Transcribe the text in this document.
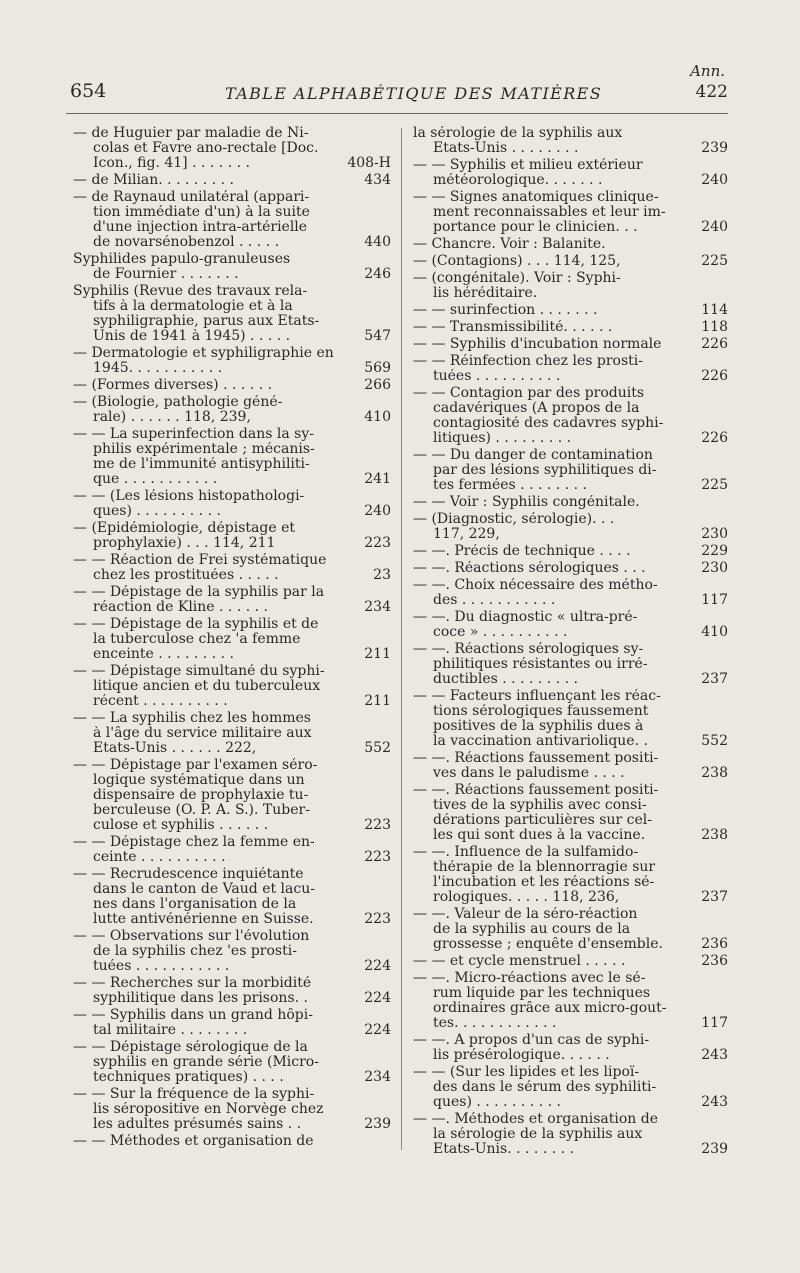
Ann.
654	TABLE ALPHABÉTIQUE DES MATIÈRES	422
— de Huguier par maladie de Ni-
colas et Favre ano-rectale [Doc.
Icon., fig. 41] . . . . . . .	408-H
— de Milian. . . . . . . . .	434
— de Raynaud unilatéral (appari-
tion immédiate d'un) à la suite
d'une injection intra-artérielle
de novarsénobenzol . . . . .	440
Syphilides papulo-granuleuses
de Fournier . . . . . . .	246
Syphilis (Revue des travaux rela-
tifs à la dermatologie et à la
syphiligraphie, parus aux États-
Unis de 1941 à 1945) . . . . .	547
— Dermatologie et syphiligraphie en
1945. . . . . . . . . . .	569
— (Formes diverses) . . . . . .	266
— (Biologie, pathologie géné-
rale) . . . . . . 118, 239,	410
— — La superinfection dans la sy-
philis expérimentale ; mécanis-
me de l'immunité antisyphiliti-
que . . . . . . . . . . .	241
— — (Les lésions histopathologi-
ques) . . . . . . . . . .	240
— (Épidémiologie, dépistage et
prophylaxie) . . . 114, 211	223
— — Réaction de Frei systématique
chez les prostituées . . . . .	23
— — Dépistage de la syphilis par la
réaction de Kline . . . . . .	234
— — Dépistage de la syphilis et de
la tuberculose chez 'a femme
enceinte . . . . . . . . .	211
— — Dépistage simultané du syphi-
litique ancien et du tuberculeux
récent . . . . . . . . . .	211
— — La syphilis chez les hommes
à l'âge du service militaire aux
États-Unis . . . . . . 222,	552
— — Dépistage par l'examen séro-
logique systématique dans un
dispensaire de prophylaxie tu-
berculeuse (O. P. A. S.). Tuber-
culose et syphilis . . . . . .	223
— — Dépistage chez la femme en-
ceinte . . . . . . . . . .	223
— — Recrudescence inquiétante
dans le canton de Vaud et lacu-
nes dans l'organisation de la
lutte antivénérienne en Suisse.	223
— — Observations sur l'évolution
de la syphilis chez 'es prosti-
tuées . . . . . . . . . . .	224
— — Recherches sur la morbidité
syphilitique dans les prisons. .	224
— — Syphilis dans un grand hôpi-
tal militaire . . . . . . . .	224
— — Dépistage sérologique de la
syphilis en grande série (Micro-
techniques pratiques) . . . .	234
— — Sur la fréquence de la syphi-
lis séropositive en Norvège chez
les adultes présumés sains . .	239
— — Méthodes et organisation de
la sérologie de la syphilis aux
États-Unis . . . . . . . .	239
— — Syphilis et milieu extérieur
météorologique. . . . . . .	240
— — Signes anatomiques clinique-
ment reconnaissables et leur im-
portance pour le clinicien. . .	240
— Chancre. Voir : Balanite.
— (Contagions) . . . 114, 125,	225
— (congénitale). Voir : Syphi-
lis héréditaire.
— — surinfection . . . . . . .	114
— — Transmissibilité. . . . . .	118
— — Syphilis d'incubation normale	226
— — Réinfection chez les prosti-
tuées . . . . . . . . . .	226
— — Contagion par des produits
cadavériques (A propos de la
contagiosité des cadavres syphi-
litiques) . . . . . . . . .	226
— — Du danger de contamination
par des lésions syphilitiques di-
tes fermées . . . . . . . .	225
— — Voir : Syphilis congénitale.
— (Diagnostic, sérologie). . .
117, 229,	230
— —. Précis de technique . . . .	229
— —. Réactions sérologiques . . .	230
— —. Choix nécessaire des métho-
des . . . . . . . . . . .	117
— —. Du diagnostic « ultra-pré-
coce » . . . . . . . . . .	410
— —. Réactions sérologiques sy-
philitiques résistantes ou irré-
ductibles . . . . . . . . .	237
— — Facteurs influençant les réac-
tions sérologiques faussement
positives de la syphilis dues à
la vaccination antivariolique. .	552
— —. Réactions faussement positi-
ves dans le paludisme . . . .	238
— —. Réactions faussement positi-
tives de la syphilis avec consi-
dérations particulières sur cel-
les qui sont dues à la vaccine.	238
— —. Influence de la sulfamido-
thérapie de la blennorragie sur
l'incubation et les réactions sé-
rologiques. . . . . 118, 236,	237
— —. Valeur de la séro-réaction
de la syphilis au cours de la
grossesse ; enquête d'ensemble.	236
— — et cycle menstruel . . . . .	236
— —. Micro-réactions avec le sé-
rum liquide par les techniques
ordinaires grâce aux micro-gout-
tes. . . . . . . . . . . .	117
— —. A propos d'un cas de syphi-
lis présérologique. . . . . .	243
— — (Sur les lipides et les lipoï-
des dans le sérum des syphiliti-
ques) . . . . . . . . . .	243
— —. Méthodes et organisation de
la sérologie de la syphilis aux
États-Unis. . . . . . . .	239
